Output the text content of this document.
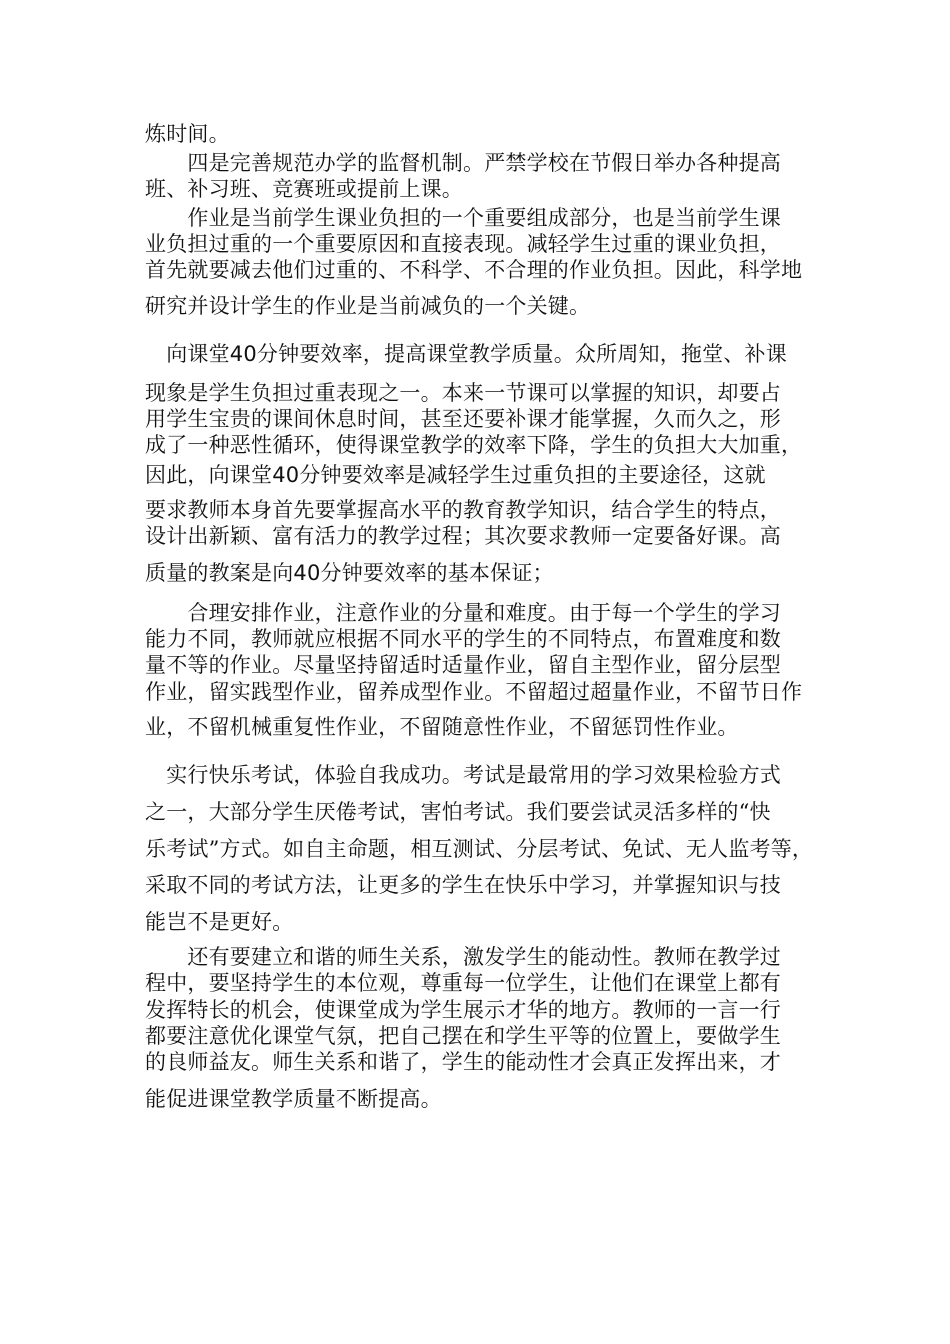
炼时间。
　　四是完善规范办学的监督机制。严禁学校在节假日举办各种提高
班、补习班、竞赛班或提前上课。
　　作业是当前学生课业负担的一个重要组成部分，也是当前学生课
业负担过重的一个重要原因和直接表现。减轻学生过重的课业负担，
首先就要减去他们过重的、不科学、不合理的作业负担。因此，科学地
研究并设计学生的作业是当前减负的一个关键。
　向课堂40分钟要效率，提高课堂教学质量。众所周知，拖堂、补课
现象是学生负担过重表现之一。本来一节课可以掌握的知识，却要占
用学生宝贵的课间休息时间，甚至还要补课才能掌握，久而久之，形
成了一种恶性循环，使得课堂教学的效率下降，学生的负担大大加重，
因此，向课堂40分钟要效率是减轻学生过重负担的主要途径，这就
要求教师本身首先要掌握高水平的教育教学知识，结合学生的特点，
设计出新颖、富有活力的教学过程；其次要求教师一定要备好课。高
质量的教案是向40分钟要效率的基本保证；
　　合理安排作业，注意作业的分量和难度。由于每一个学生的学习
能力不同，教师就应根据不同水平的学生的不同特点，布置难度和数
量不等的作业。尽量坚持留适时适量作业，留自主型作业，留分层型
作业，留实践型作业，留养成型作业。不留超过超量作业，不留节日作
业，不留机械重复性作业，不留随意性作业，不留惩罚性作业。
　实行快乐考试，体验自我成功。考试是最常用的学习效果检验方式
之一，大部分学生厌倦考试，害怕考试。我们要尝试灵活多样的“快
乐考试”方式。如自主命题，相互测试、分层考试、免试、无人监考等，
采取不同的考试方法，让更多的学生在快乐中学习，并掌握知识与技
能岂不是更好。
　　还有要建立和谐的师生关系，激发学生的能动性。教师在教学过
程中，要坚持学生的本位观，尊重每一位学生，让他们在课堂上都有
发挥特长的机会，使课堂成为学生展示才华的地方。教师的一言一行
都要注意优化课堂气氛，把自己摆在和学生平等的位置上，要做学生
的良师益友。师生关系和谐了，学生的能动性才会真正发挥出来，才
能促进课堂教学质量不断提高。
